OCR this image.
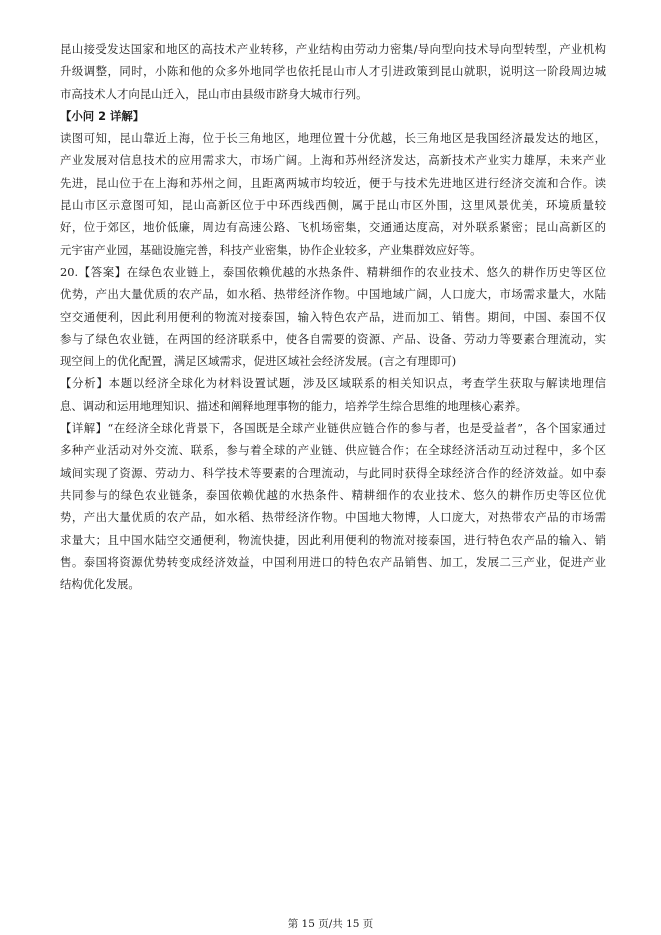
昆山接受发达国家和地区的高技术产业转移，产业结构由劳动力密集/导向型向技术导向型转型，产业机构
升级调整，同时，小陈和他的众多外地同学也依托昆山市人才引进政策到昆山就职，说明这一阶段周边城
市高技术人才向昆山迁入，昆山市由县级市跻身大城市行列。
【小问 2 详解】
读图可知，昆山靠近上海，位于长三角地区，地理位置十分优越，长三角地区是我国经济最发达的地区，
产业发展对信息技术的应用需求大，市场广阔。上海和苏州经济发达，高新技术产业实力雄厚，未来产业
先进，昆山位于在上海和苏州之间，且距离两城市均较近，便于与技术先进地区进行经济交流和合作。读
昆山市区示意图可知，昆山高新区位于中环西线西侧，属于昆山市区外围，这里风景优美，环境质量较
好，位于郊区，地价低廉，周边有高速公路、飞机场密集，交通通达度高，对外联系紧密；昆山高新区的
元宇宙产业园，基础设施完善，科技产业密集，协作企业较多，产业集群效应好等。
20.【答案】在绿色农业链上，泰国依赖优越的水热条件、精耕细作的农业技术、悠久的耕作历史等区位
优势，产出大量优质的农产品，如水稻、热带经济作物。中国地域广阔，人口庞大，市场需求量大，水陆
空交通便利，因此利用便利的物流对接泰国，输入特色农产品，进而加工、销售。期间，中国、泰国不仅
参与了绿色农业链，在两国的经济联系中，使各自需要的资源、产品、设备、劳动力等要素合理流动，实
现空间上的优化配置，满足区域需求，促进区域社会经济发展。(言之有理即可)
【分析】本题以经济全球化为材料设置试题，涉及区域联系的相关知识点，考查学生获取与解读地理信
息、调动和运用地理知识、描述和阐释地理事物的能力，培养学生综合思维的地理核心素养。
【详解】“在经济全球化背景下，各国既是全球产业链供应链合作的参与者，也是受益者”，各个国家通过
多种产业活动对外交流、联系，参与着全球的产业链、供应链合作；在全球经济活动互动过程中，多个区
域间实现了资源、劳动力、科学技术等要素的合理流动，与此同时获得全球经济合作的经济效益。如中泰
共同参与的绿色农业链条，泰国依赖优越的水热条件、精耕细作的农业技术、悠久的耕作历史等区位优
势，产出大量优质的农产品，如水稻、热带经济作物。中国地大物博，人口庞大，对热带农产品的市场需
求量大；且中国水陆空交通便利，物流快捷，因此利用便利的物流对接泰国，进行特色农产品的输入、销
售。泰国将资源优势转变成经济效益，中国利用进口的特色农产品销售、加工，发展二三产业，促进产业
结构优化发展。
第 15 页/共 15 页
